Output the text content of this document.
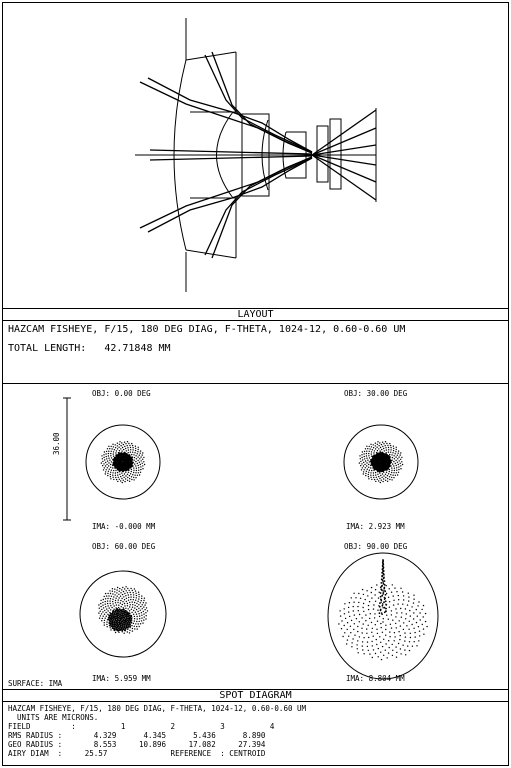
LAYOUT
HAZCAM FISHEYE, F/15, 180 DEG DIAG, F-THETA, 1024-12, 0.60-0.60 UM
TOTAL LENGTH:   42.71848 MM
36.00
OBJ: 0.00 DEG	OBJ: 30.00 DEG
IMA: -0.000 MM	IMA: 2.923 MM
OBJ: 60.00 DEG	OBJ: 90.00 DEG
IMA: 5.959 MM	IMA: 8.804 MM
SURFACE: IMA
SPOT DIAGRAM
HAZCAM FISHEYE, F/15, 180 DEG DIAG, F-THETA, 1024-12, 0.60-0.60 UM
UNITS ARE MICRONS.
FIELD         :          1          2          3          4
RMS RADIUS :       4.329      4.345      5.436      8.890
GEO RADIUS :       8.553     10.896     17.082     27.394
AIRY DIAM  :     25.57              REFERENCE  : CENTROID
